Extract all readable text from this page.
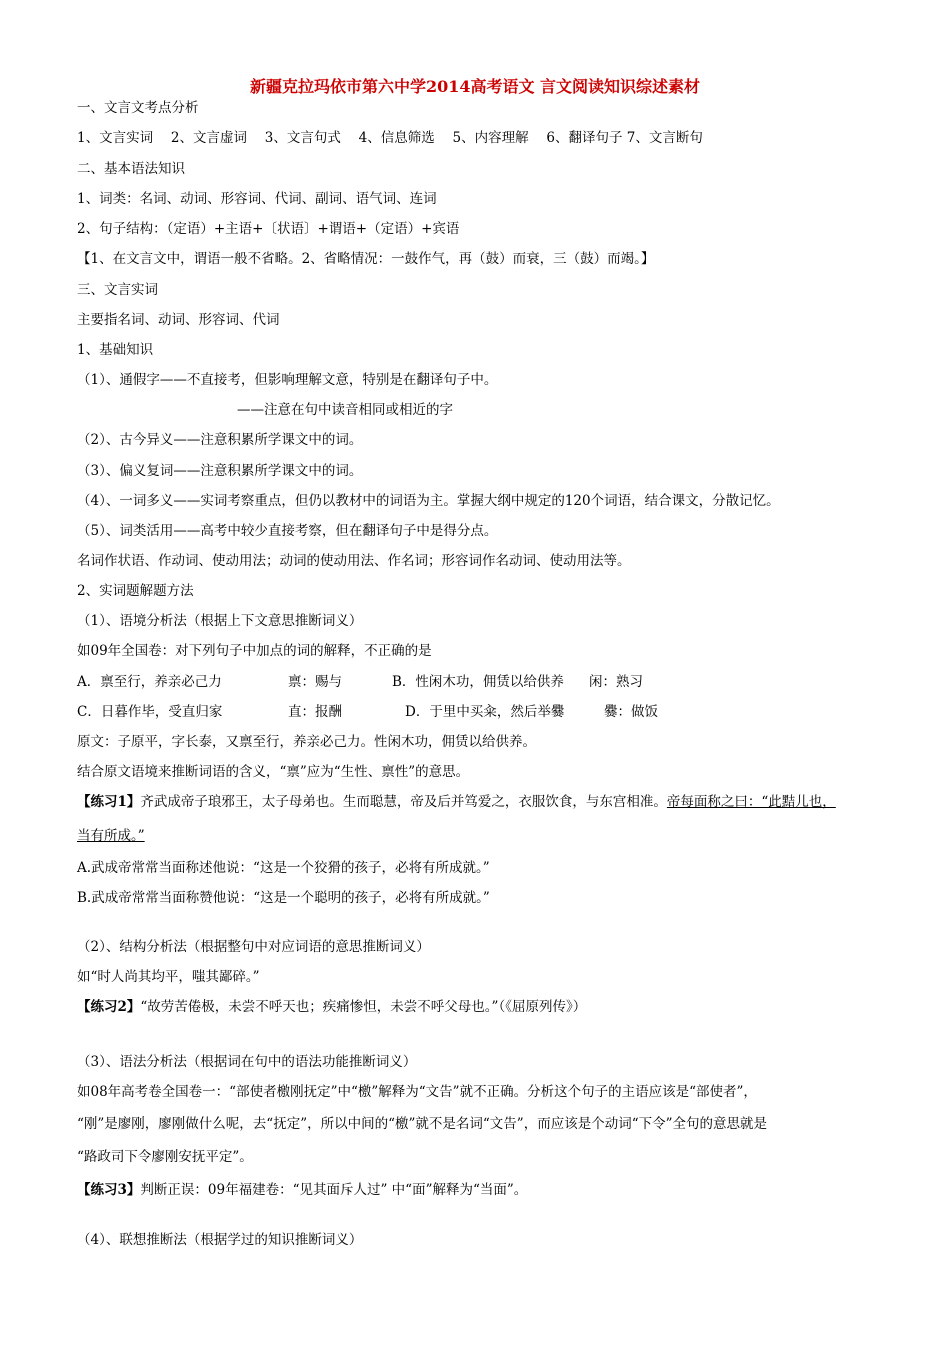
新疆克拉玛依市第六中学2014高考语文 言文阅读知识综述素材
一、文言文考点分析
1、文言实词　 2、文言虚词　 3、文言句式　 4、信息筛选　 5、内容理解　 6、翻译句子 7、文言断句
二、基本语法知识
1、词类：名词、动词、形容词、代词、副词、语气词、连词
2、句子结构：（定语）+主语+〔状语〕+谓语+（定语）+宾语
【1、在文言文中，谓语一般不省略。2、省略情况：一鼓作气，再（鼓）而衰，三（鼓）而竭。】
三、文言实词
主要指名词、动词、形容词、代词
1、基础知识
（1）、通假字——不直接考，但影响理解文意，特别是在翻译句子中。
——注意在句中读音相同或相近的字
（2）、古今异义——注意积累所学课文中的词。
（3）、偏义复词——注意积累所学课文中的词。
（4）、一词多义——实词考察重点，但仍以教材中的词语为主。掌握大纲中规定的120个词语，结合课文，分散记忆。
（5）、词类活用——高考中较少直接考察，但在翻译句子中是得分点。
名词作状语、作动词、使动用法；动词的使动用法、作名词；形容词作名动词、使动用法等。
2、实词题解题方法
（1）、语境分析法（根据上下文意思推断词义）
如09年全国卷：对下列句子中加点的词的解释，不正确的是
A．禀至行，养亲必己力	禀：赐与	B．性闲木功，佣赁以给供养 闲：熟习
C．日暮作毕，受直归家	直：报酬	D．于里中买籴，然后举爨	爨：做饭
原文：子原平，字长泰，又禀至行，养亲必己力。性闲木功，佣赁以给供养。
结合原文语境来推断词语的含义，“禀”应为“生性、禀性”的意思。
【练习1】齐武成帝子琅邪王，太子母弟也。生而聪慧，帝及后并笃爱之，衣服饮食，与东宫相准。帝每面称之曰：“此黠儿也，
当有所成。”
A.武成帝常常当面称述他说：“这是一个狡猾的孩子，必将有所成就。”
B.武成帝常常当面称赞他说：“这是一个聪明的孩子，必将有所成就。”
（2）、结构分析法（根据整句中对应词语的意思推断词义）
如“时人尚其均平，嗤其鄙碎。”
【练习2】“故劳苦倦极，未尝不呼天也；疾痛惨怛，未尝不呼父母也。”（《屈原列传》）
（3）、语法分析法（根据词在句中的语法功能推断词义）
如08年高考卷全国卷一：“部使者檄刚抚定”中“檄”解释为“文告”就不正确。分析这个句子的主语应该是“部使者”，
“刚”是廖刚，廖刚做什么呢，去“抚定”，所以中间的“檄”就不是名词“文告”，而应该是个动词“下令”全句的意思就是
“路政司下令廖刚安抚平定”。
【练习3】判断正误：09年福建卷：“见其面斥人过” 中“面”解释为“当面”。
（4）、联想推断法（根据学过的知识推断词义）
